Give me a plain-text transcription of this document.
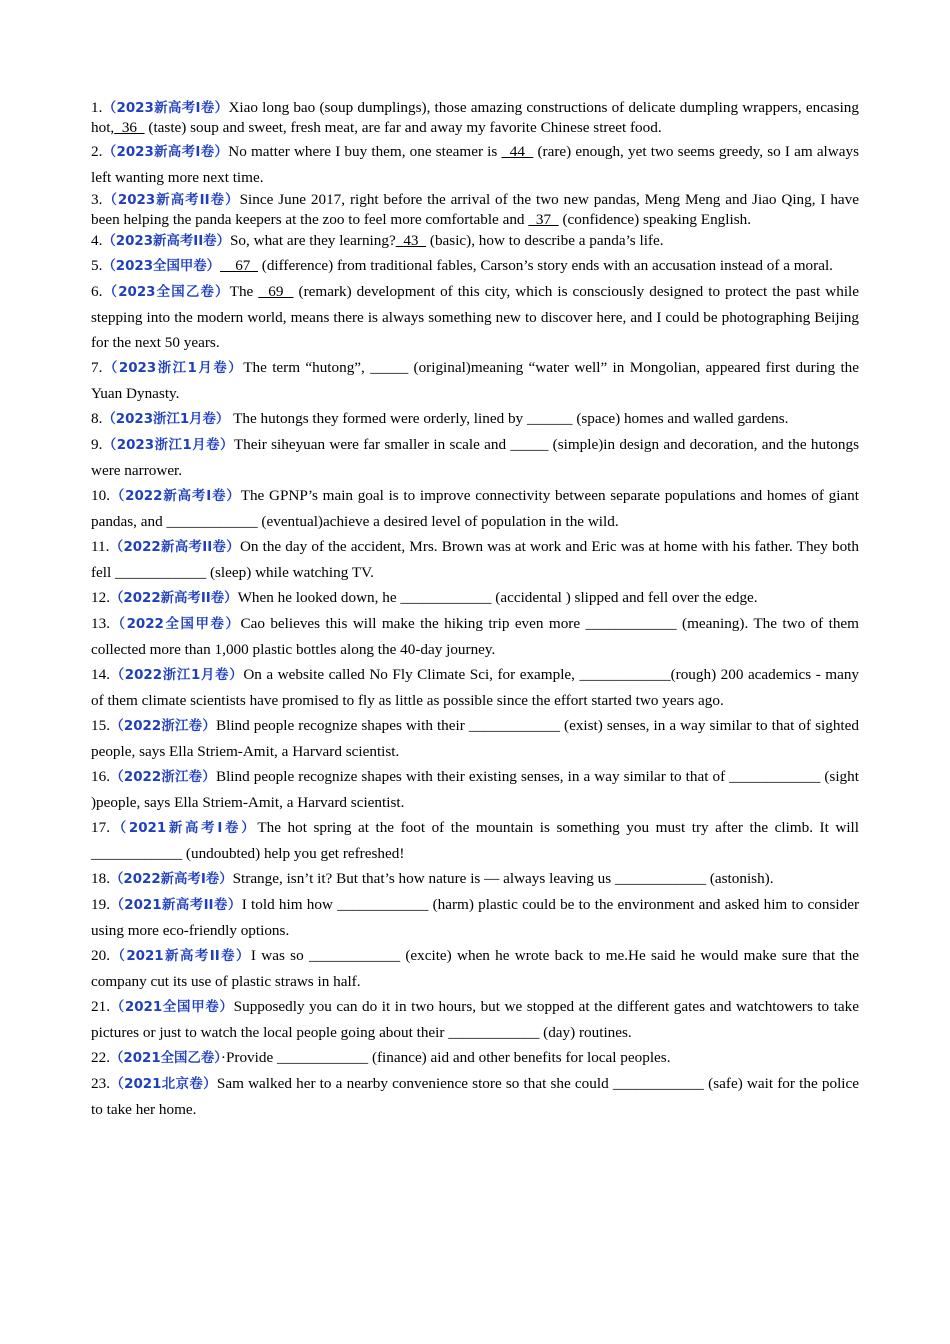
1.（2023新高考I卷）Xiao long bao (soup dumplings), those amazing constructions of delicate dumpling wrappers, encasing hot,  36   (taste) soup and sweet, fresh meat, are far and away my favorite Chinese street food.

2.（2023新高考I卷）No matter where I buy them, one steamer is   44   (rare) enough, yet two seems greedy, so I am always left wanting more next time.

3.（2023新高考II卷）Since June 2017, right before the arrival of the two new pandas, Meng Meng and Jiao Qing, I have been helping the panda keepers at the zoo to feel more comfortable and   37   (confidence) speaking English.

4.（2023新高考II卷）So, what are they learning?  43   (basic), how to describe a panda’s life.

5.（2023全国甲卷）    67   (difference) from traditional fables, Carson’s story ends with an accusation instead of a moral.

6.（2023全国乙卷）The   69   (remark) development of this city, which is consciously designed to protect the past while stepping into the modern world, means there is always something new to discover here, and I could be photographing Beijing for the next 50 years.

7.（2023浙江1月卷）The term “hutong”, _____ (original)meaning “water well” in Mongolian, appeared first during the Yuan Dynasty.

8.（2023浙江1月卷） The hutongs they formed were orderly, lined by ______ (space) homes and walled gardens.

9.（2023浙江1月卷）Their siheyuan were far smaller in scale and _____ (simple)in design and decoration, and the hutongs were narrower.

10.（2022新高考I卷）The GPNP’s main goal is to improve connectivity between separate populations and homes of giant pandas, and ____________ (eventual)achieve a desired level of population in the wild.

11.（2022新高考II卷）On the day of the accident, Mrs. Brown was at work and Eric was at home with his father. They both fell ____________ (sleep) while watching TV.

12.（2022新高考II卷）When he looked down, he ____________ (accidental ) slipped and fell over the edge.

13.（2022全国甲卷）Cao believes this will make the hiking trip even more ____________ (meaning). The two of them collected more than 1,000 plastic bottles along the 40-day journey.

14.（2022浙江1月卷）On a website called No Fly Climate Sci, for example, ____________(rough) 200 academics - many of them climate scientists have promised to fly as little as possible since the effort started two years ago.

15.（2022浙江卷）Blind people recognize shapes with their ____________ (exist) senses, in a way similar to that of sighted people, says Ella Striem-Amit, a Harvard scientist.

16.（2022浙江卷）Blind people recognize shapes with their existing senses, in a way similar to that of ____________ (sight )people, says Ella Striem-Amit, a Harvard scientist.

17.（2021新高考I卷）The hot spring at the foot of the mountain is something you must try after the climb. It will ____________ (undoubted) help you get refreshed!

18.（2022新高考I卷）Strange, isn’t it? But that’s how nature is — always leaving us ____________ (astonish).

19.（2021新高考II卷）I told him how ____________ (harm) plastic could be to the environment and asked him to consider using more eco-friendly options.

20.（2021新高考II卷）I was so ____________ (excite) when he wrote back to me.He said he would make sure that the company cut its use of plastic straws in half.

21.（2021全国甲卷）Supposedly you can do it in two hours, but we stopped at the different gates and watchtowers to take pictures or just to watch the local people going about their ____________ (day) routines.

22.（2021全国乙卷）·Provide ____________ (finance) aid and other benefits for local peoples.

23.（2021北京卷）Sam walked her to a nearby convenience store so that she could ____________ (safe) wait for the police to take her home.
